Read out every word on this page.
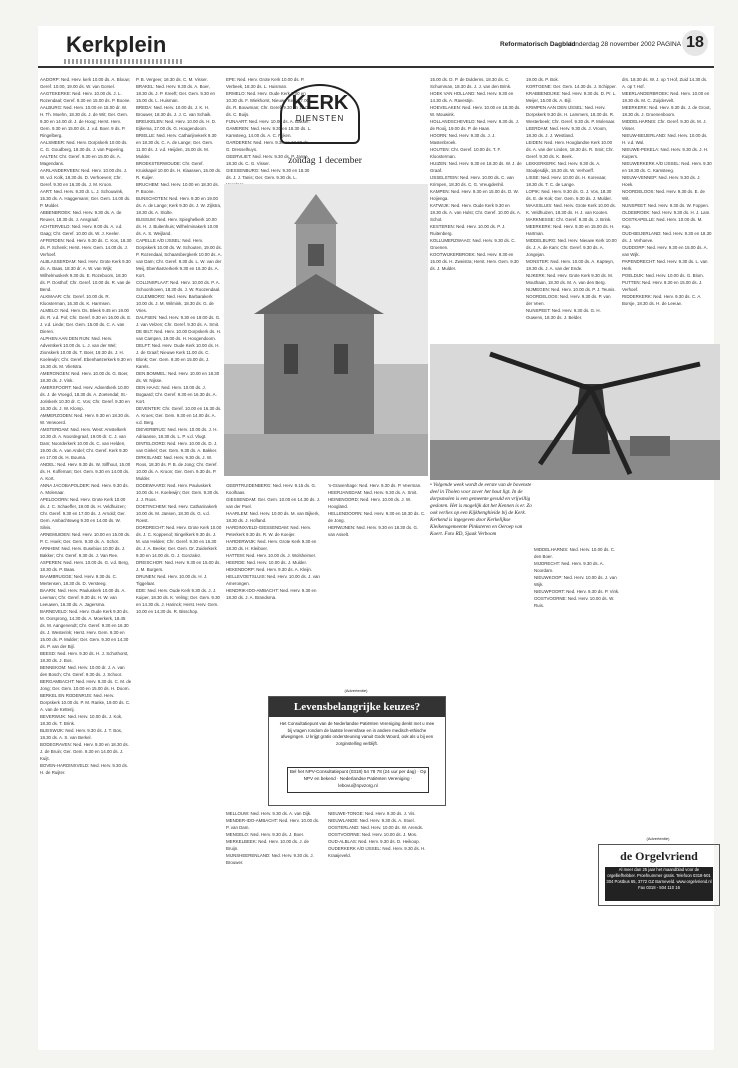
Kerkplein	Reformatorisch Dagblad
donderdag 28 november 2002 PAGINA 18
AADORP: Ned. Herv. kerk 10.00 ds. A. Blouw; Geref. 10.00, 19.00 ds. W. van Gorsel.
AAGTEKERKE: Ned. Herv. 10.00 ds. J. L. Rozendaal; Geref. 9.30 en 15.00 ds. P. Boone.
AALBURG: Ned. Herv. 10.00 en 15.00 dr. W. H. Th. Moehn, 18.30 ds. J. de Wit; Ger. Gem. 9.30 en 14.00 dr. J. de Hoog; Herst. Herv. Gem. 9.30 en 15.00 ds. J. v.d. Boer. 9 ds. P. Ringelberg.
AALSMEER: Ned. Herv. Dorpskerk 10.00 ds. C. G. Goudberg, 18.30 ds. J. van Popering.
AALTEN: Chr. Geref. 9.30 en 15.00 ds. A. Magendans.
AARLANDERVEEN: Ned. Herv. 10.00 drs. J. W. v.d. Kolk, 18.30 ds. D. Verhoeven; Chr. Geref. 9.30 en 16.30 ds. J. M. Kroon.
AART: Ned. Herv. 9.30 dr. L. J. Schouwink, 15.30 ds. A. Haggemann; Ger. Gem. 14.00 ds. P. Mulder.
ABBENBROEK: Ned. Herv. 9.30 ds. A. de Reuver, 18.30 ds. J. Ansgraaf.
ACHTERVELD: Ned. Herv. 9.00 ds. A. v.d. Gaag; Chr. Geref. 10.00 ds. W. J. Keeler.
AFFERDEN: Ned. Herv. 9.30 ds. C. Kos, 18.30 ds. P. Schenk; Herst. Herv. Gem. 14.00 ds. J. Verhoef.
ALBLASSERDAM: Ned. Herv. Grote Kerk 9.30 ds. A. Baas, 18.30 dr. A. W. van Wijk; Wilhelmuskerk 9.30 ds. E. Rozeboom, 18.30 ds. P. Oosthof; Chr. Geref. 10.00 ds. R. van de Bend.
ALKMAAR: Chr. Geref. 10.00 ds. R. Kloosterman, 16.30 ds. K. Harmsen.
ALMELO: Ned. Herv. Ds. Bleek 9.45 en 19.00 ds. R. v.d. Pol; Chr. Geref. 9.30 en 16.00 ds. E. J. v.d. Linde; Ger. Gem. 15.00 ds. C. A. van Dieren.
ALPHEN AAN DEN RIJN: Ned. Herv. Adventkerk 10.00 ds. L. J. van der Wel; Zionskerk 10.00 ds. T. Boer, 18.30 ds. J. H. Koelewijn; Chr. Geref. Ebenhaëzerkerk 9.30 en 16.30 ds. M. Vlietstra.
AMERONGEN: Ned. Herv. 10.00 ds. G. Boer, 18.30 ds. J. Vink.
AMERSFOORT: Ned. Herv. Adventkerk 10.00 ds. J. de Vroegd, 18.30 ds. A. Zoetendal; St.-Joriskerk 10.30 dr. C. Vos; Chr. Geref. 9.30 en 16.30 ds. J. W. Klomp.
AMMERZODEN: Ned. Herv. 9.30 en 18.30 ds. W. Verwoerd.
AMSTERDAM: Ned. Herv. West: Amstelkerk 10.30 dr. A. Noordegraaf, 19.00 dr. C. J. van Dam; Noorderkerk 10.00 ds. C. van Helden, 19.00 ds. A. van Andel; Chr. Geref. Kerk 9.30 en 17.00 ds. H. Bouma.
ANDEL: Ned. Herv. 9.30 ds. W. Silfhout, 15.00 ds. H. Koffeman; Ger. Gem. 9.30 en 14.00 ds. A. Kort.
ANNA JACOBAPOLDER: Ned. Herv. 9.30 ds. A. Molenaar.
APELDOORN: Ned. Herv. Grote Kerk 10.00 ds. J. C. Schaeffer, 19.00 ds. H. Veldhuizen; Chr. Geref. 9.30 en 17.00 ds. J. Arnold; Ger. Gem. Ambachtsweg 9.30 en 14.00 ds. W. Silvis.
ARNEMUIDEN: Ned. Herv. 10.00 en 15.00 ds. P. C. Hoek; Ger. Gem. 9.30 ds. A. Schot.
ARNHEM: Ned. Herv. Eusebius 10.00 ds. J. Bakker; Chr. Geref. 9.30 ds. J. Van Ree.
ASPEREN: Ned. Herv. 10.00 ds. G. v.d. Berg, 18.30 ds. P. Baas.
BAAMBRUGGE: Ned. Herv. 9.30 ds. C. Mertensen, 18.30 ds. D. Versteeg.
BAARN: Ned. Herv. Pauluskerk 10.00 ds. A. Leeman; Chr. Geref. 9.30 ds. H. W. van Leeuwen, 16.30 ds. A. Jagersma.
BARNEVELD: Ned. Herv. Oude Kerk 9.30 ds. M. Oorsprong, 14.30 ds. A. Moerkerk, 18.45 ds. M. Aangenendt; Chr. Geref. 9.30 en 16.30 ds. J. Westerink; Herst. Herv. Gem. 9.30 en 15.00 ds. P. Mulder; Ger. Gem. 9.30 en 14.30 ds. P. van der Bijl.
BEESD: Ned. Herv. 9.30 ds. H. J. Schothorst, 18.30 ds. J. Bos.
BENNEKOM: Ned. Herv. 10.00 dr. J. A. van den Bosch; Chr. Geref. 9.30 ds. J. Schoor.
BERGAMBACHT: Ned. Herv. 9.30 ds. C. M. de Jong; Ger. Gem. 10.00 en 15.00 ds. H. Doorn.
BERKEL EN RODENRIJS: Ned. Herv. Dorpskerk 10.00 ds. P. M. Ranke, 19.00 ds. C. A. van de Ketterij.
BEVERWIJK: Ned. Herv. 10.00 ds. J. Kok, 18.30 ds. T. Brink.
BLEISWIJK: Ned. Herv. 9.30 ds. J. T. Bos, 18.30 ds. A. S. van Berkel.
BODEGRAVEN: Ned. Herv. 9.30 en 18.30 ds. J. de Bruin; Ger. Gem. 9.30 en 14.00 ds. J. Kuijt.
BOVEN-HARDINXVELD: Ned. Herv. 9.30 ds. H. de Ruijter.
P. B. Vergeer, 18.30 ds. C. M. Visser.
BRAKEL: Ned. Herv. 9.30 ds. A. Boer, 18.30 ds. J. P. Kreeft; Ger. Gem. 9.30 en 15.00 ds. L. Huisman.
BREDA: Ned. Herv. 10.00 ds. J. K. H. Brouwer, 18.30 ds. J. J. C. van Schaik.
BREUKELEN: Ned. Herv. 10.00 ds. H. D. Eijkema, 17.00 ds. G. Hoogendoorn.
BRIELLE: Ned. Herv. Catharijnekerk 9.30 en 18.30 ds. C. A. de Lange; Ger. Gem. 11.00 ds. J. v.d. Heijden, 15.00 ds. M. Mulder.
BROEKSTERWOUDE: Chr. Geref. Kruiskapel 10.00 ds. H. Klaassen, 15.00 ds. R. Kuijer.
BRUCHEM: Ned. Herv. 10.00 en 18.30 ds. P. Boone.
BUNSCHOTEN: Ned. Herv. 9.30 en 19.00 ds. A. de Lange; Kerk 9.30 ds. J. W. Zijlstra, 18.30 ds. A. Stolte.
BUSSUM: Ned. Herv. Spieghelkerk 10.00 ds. H. J. Buitenhuis; Wilhelminakerk 10.00 ds. A. S. Weijland.
CAPELLE A/D IJSSEL: Ned. Herv. Dorpskerk 10.00 ds. W. Schouten, 19.00 ds. P. Rozendaal, Schaarsbergkerk 10.00 ds. A. van Dam; Chr. Geref. 9.30 ds. L. W. van der Meij, Ebenhaëzerkerk 9.30 en 16.30 ds. A. Kort.
COLIJNSPLAAT: Ned. Herv. 10.00 ds. P. A. Schoonhoven, 18.30 ds. J. W. Roozendaal.
CULEMBORG: Ned. Herv. Barbarakerk 10.00 ds. J. M. Wilmink, 18.30 ds. G. de Vries.
DALFSEN: Ned. Herv. 9.30 en 19.00 ds. G. J. van Velzen; Chr. Geref. 9.30 ds. A. Smit.
DE BILT: Ned. Herv. 10.00 Dorpskerk ds. H. van Campen, 19.00 ds. H. Hoogendoorn.
DELFT: Ned. Herv. Oude Kerk 10.00 ds. H. J. de Graaf; Nieuwe Kerk 11.00 ds. C. Blonk; Ger. Gem. 9.30 en 15.00 ds. J. Karels.
DEN BOMMEL: Ned. Herv. 10.00 en 18.30 ds. W. Nijsse.
DEN HAAG: Ned. Herv. 10.00 ds. J. Bogaard; Chr. Geref. 9.30 en 16.30 ds. A. Kort.
DEVENTER: Chr. Geref. 10.00 en 16.30 ds. A. Kroes; Ger. Gem. 9.30 en 14.00 ds. A. v.d. Berg.
DIEVERBRUG: Ned. Herv. 10.00 ds. J. H. Adriaanse, 18.30 ds. L. P. v.d. Vlugt.
DINTELOORD: Ned. Herv. 10.00 ds. D. J. van Ginkel; Ger. Gem. 9.30 ds. A. Bakker.
DIRKSLAND: Ned. Herv. 9.30 ds. J. W. Roos, 18.30 ds. P. B. de Jong; Chr. Geref. 10.00 ds. A. Kroon; Ger. Gem. 9.30 ds. P. Mulder.
DODEWAARD: Ned. Herv. Pauluskerk 10.00 ds. H. Koelewijn; Ger. Gem. 9.30 ds. J. J. Roos.
DOETINCHEM: Ned. Herv. Catharinakerk 10.00 ds. M. Jansen, 18.30 ds. G. v.d. Roest.
DORDRECHT: Ned. Herv. Grote Kerk 10.00 ds. J. C. Koppenol; Singelkerk 9.30 ds. J. M. van Helden; Chr. Geref. 9.30 en 16.30 ds. J. A. Beeke; Ger. Gem. Dr. Zuiderkerk 9.30 en 14.00 ds. G. J. Gonzalez.
DREISCHOR: Ned. Herv. 9.30 en 15.00 ds. J. M. Burgers.
DRUNEN: Ned. Herv. 10.00 ds. H. J. Tiggelaar.
EDE: Ned. Herv. Oude Kerk 9.30 ds. J. J. Kuiper, 18.30 ds. K. Veling; Ger. Gem. 9.30 en 14.30 ds. J. Harinck; Herst. Herv. Gem. 10.00 en 14.30 ds. R. Bisschop.
EPE: Ned. Herv. Grote Kerk 10.00 ds. P. Verbeek, 18.30 ds. L. Huisman.
ERMELO: Ned. Herv. Oude Kerk 9.00 en 10.30 ds. F. Wiekhorst, Nieuwe Kerk 17.00 ds. R. Bouwman; Chr. Geref. 9.30 en 15.00 ds. C. Buijs.
FIJNAART: Ned. Herv. 10.00 ds. A. Bakker.
GAMEREN: Ned. Herv. 9.30 en 18.30 ds. L. Kamsteeg, 14.00 ds. A. C. Rijken.
GARDEREN: Ned. Herv. 9.30 en 18.30 ds. G. Dresselhuys.
GEERVLIET: Ned. Herv. 9.30 ds. P. Janse, 18.30 ds. C. G. Visser.
GIESSENBURG: Ned. Herv. 9.30 en 18.30 ds. J. J. Tanis; Ger. Gem. 9.30 ds. L.
15.00 ds. D. P. de Dulderns, 18.30 ds. C. Schumman, 18.30 ds. J. J. van den Brink.
HOEK VAN HOLLAND: Ned. Herv. 9.30 en 14.30 ds. A. Ravestijn.
HOEVELAKEN: Ned. Herv. 10.00 en 18.30 ds. W. Mouwink.
HOLLANDSCHEVELD: Ned. Herv. 9.30 ds. J. de Rooij, 19.00 ds. P. de Haan.
HOORN: Ned. Herv. 9.30 ds. J. J. Mastenbroek.
HOUTEN: Chr. Geref. 10.00 ds. T. F. Kloosterman.
HUIZEN: Ned. Herv. 9.30 en 18.30 ds. W. J. de Graaf.
IJSSELSTEIN: Ned. Herv. 10.00 ds. C. van Krimpen, 18.30 ds. C. G. Vreugdenhil.
KAMPEN: Ned. Herv. 9.30 en 15.00 ds. D. W. Hoijenga.
KATWIJK: Ned. Herv. Oude Kerk 9.30 en 18.30 ds. A. van Hulst; Chr. Geref. 10.00 ds. A. Schot.
KESTEREN: Ned. Herv. 10.00 ds. P. J. Ruitenberg.
KOLLUMERZWAAG: Ned. Herv. 9.30 ds. C. Groenen.
KOOTWIJKERBROEK: Ned. Herv. 9.30 en 15.00 ds. H. Zweistra; Herst. Herv. Gem. 9.30 ds. J. Mulder.
19.00 ds. P. Bok.
KORTGENE: Ger. Gem. 14.30 ds. J. Schipper.
KRABBENDIJKE: Ned. Herv. 9.30 ds. D. Pr. L. Meijer, 15.00 ds. A. Bijl.
KRIMPEN AAN DEN IJSSEL: Ned. Herv. Dorpskerk 9.30 ds. H. Lammers, 18.30 ds. R. Westerbeek; Chr. Geref. 9.30 ds. P. Molenaar.
LEERDAM: Ned. Herv. 9.30 ds. J. Vroom, 18.30 ds. J. J. Westland.
LEIDEN: Ned. Herv. Hooglandse Kerk 10.00 ds. A. van der Linden, 18.30 ds. R. Smit; Chr. Geref. 9.30 ds. K. Beek.
LEKKERKERK: Ned. Herv. 9.30 ds. A. Stoutjesdijk, 18.30 ds. W. Verhoeff.
LISSE: Ned. Herv. 10.00 ds. H. Korevaar, 18.30 ds. T. C. de Lange.
LOPIK: Ned. Herv. 9.30 ds. G. J. Vos, 18.30 ds. E. de Kok; Ger. Gem. 9.30 ds. J. Mulder.
MAASSLUIS: Ned. Herv. Grote Kerk 10.00 ds. K. Veldhuizen, 18.30 ds. H. J. van Kooten.
MARKNESSE: Chr. Geref. 9.30 ds. J. Brink.
MEERKERK: Ned. Herv. 9.30 en 15.00 ds. H. Hartman.
MIDDELBURG: Ned. Herv. Nieuwe Kerk 10.00 ds. J. A. de Kam; Chr. Geref. 9.30 ds. A. Jongejan.
MONSTER: Ned. Herv. 10.00 ds. A. Kapteyn, 18.30 ds. J. A. van der Ende.
NIJKERK: Ned. Herv. Grote Kerk 9.30 ds. M. Mouthaan, 18.30 ds. M. A. van den Berg.
NIJMEGEN: Ned. Herv. 10.00 ds. P. J. Teunis.
NOORDELOOS: Ned. Herv. 9.30 ds. P. van der Veen.
NUNSPEET: Ned. Herv. 9.30 ds. G. H. Ouwens, 18.30 ds. J. Belder.
drs. 18.30 ds. W. J. op 't Hof, Zuid 14.30 ds. A. op 't Hof.
MEERLANDERBROEK: Ned. Herv. 10.00 en 18.30 ds. M. C. Zuijdervelt.
MEERKERK: Ned. Herv. 9.30 ds. J. de Groot, 18.30 ds. J. Groenenboom.
MIDDELHARNIS: Chr. Geref. 9.30 ds. M. J. Visser.
NIEUW-BEIJERLAND: Ned. Herv. 10.00 ds. H. v.d. Wal.
NIEUWE-PEKELA: Ned. Herv. 9.30 ds. J. H. Kuipers.
NIEUWERKERK A/D IJSSEL: Ned. Herv. 9.30 en 18.30 ds. C. Kamsteeg.
NIEUW-VENNEP: Ned. Herv. 9.30 ds. J. Hoek.
NOORDELOOS: Ned. Herv. 9.30 ds. E. de Wit.
NUNSPEET: Ned. Herv. 9.30 ds. W. Foppen.
OLDEBROEK: Ned. Herv. 9.30 ds. H. J. Lam.
OOSTKAPELLE: Ned. Herv. 10.00 ds. M. Kap.
OUD-BEIJERLAND: Ned. Herv. 9.30 en 18.30 ds. J. Verhoeve.
OUDDORP: Ned. Herv. 9.30 en 15.00 ds. A. van Wijk.
PAPENDRECHT: Ned. Herv. 9.30 ds. L. van Herk.
POELDIJK: Ned. Herv. 10.00 ds. G. Blom.
PUTTEN: Ned. Herv. 9.30 en 15.00 ds. J. Verhoef.
RIDDERKERK: Ned. Herv. 9.30 ds. C. A. Borsje, 18.30 ds. H. de Leeuw.
GEERTRUIDENBERG: Ned. Herv. 9.15 ds. G. Koolhaas.
GIESSENDAM: Ger. Gem. 10.00 en 14.30 ds. J. van der Poel.
HAARLEM: Ned. Herv. 10.00 ds. M. van Bijkerk, 18.30 ds. J. Hofland.
HARDINXVELD-GIESSENDAM: Ned. Herv. Peterkerk 9.30 ds. R. W. de Koeijer.
HARDERWIJK: Ned. Herv. Grote Kerk 9.30 en 18.30 ds. H. Kleiboer.
HATTEM: Ned. Herv. 10.00 ds. J. Wolsheimer.
HEERDE: Ned. Herv. 10.00 ds. J. Mulder.
HEKENDORP: Ned. Herv. 9.30 ds. A. Kleijn.
HELLEVOETSLUIS: Ned. Herv. 10.00 ds. J. van Amerongen.
HENDRIK-IDO-AMBACHT: Ned. Herv. 9.30 en 18.30 ds. J. A. Brandsma.
's-Gravenhage: Ned. Herv. 9.30 ds. P. Veerman.
HEERJANSDAM: Ned. Herv. 9.30 ds. A. Smit.
HEINENOORD: Ned. Herv. 10.00 ds. J. W. Hoogland.
HELLENDOORN: Ned. Herv. 9.30 en 18.30 ds. C. de Jong.
HERWIJNEN: Ned. Herv. 9.30 en 18.30 ds. G. van Asselt.
MELLOUW: Ned. Herv. 9.30 ds. A. van Dijk.
MENDER-IDO-AMBACHT: Ned. Herv. 10.00 ds. P. van Dam.
MENGELO: Ned. Herv. 9.30 ds. J. Boer.
MERKELBEEK: Ned. Herv. 10.00 ds. J. de Bruijn.
MIJNSHEERENLAND: Ned. Herv. 9.30 ds. J. Brouwer.
NIEUWE-TONGE: Ned. Herv. 9.30 ds. J. Vis.
NIEUWLANDE: Ned. Herv. 9.30 ds. A. Stoel.
OOSTERLAND: Ned. Herv. 10.00 ds. W. Arends.
OOSTVOORNE: Ned. Herv. 10.00 ds. J. Mos.
OUD-ALBLAS: Ned. Herv. 9.30 ds. D. Heikoop.
OUDERKERK A/D IJSSEL: Ned. Herv. 9.30 ds. H. Kraaijeveld.
MIDDELHARNIS: Ned. Herv. 10.00 ds. C. den Boer.
MIJDRECHT: Ned. Herv. 9.30 ds. A. Noordam.
NIEUWKOOP: Ned. Herv. 10.00 ds. J. van Wijk.
NIEUWPOORT: Ned. Herv. 9.30 ds. P. Vink.
OOSTVOORNE: Ned. Herv. 10.00 ds. W. Ruis.
KERK
DIENSTEN
zondag 1 december
• Volgende week wordt de eerste van de bovenste deel in Tholen voor zover het hout ligt. In de dorpsmolen is een gemeente gevuld en vrijwillig gesloten. Het is mogelijk dat het Kennen is er. Zo ook verlies op een Kijkhenghieide bij de Kerk. Kerkend is ingegeven door Kerkelijkse Kleikensgemeente Pinksteren en Oeroep van Koert. Foto RD, Sjaak Verboom
(Advertentie)
Levensbelangrijke keuzes?
Het Consultatiepunt van de Nederlandse Patiënten Vereniging denkt met u mee bij vragen rondom de laatste levensfase en in andere medisch-ethische afwegingen. U krijgt gratis ondersteuning vanuit Gods Woord, ook als u bij een zorginstelling verblijft.
Bel het NPV-Consultatiepunt (0318) 54 78 78 (24 uur per dag) · Op NPV en bekend · Nederlandse Patiënten Vereniging · lebovu@npvzorg.nl
(Advertentie)
de Orgelvriend
Al meer dan 25 jaar het maandblad voor de orgelliefhebber. Proefnummer gratis. Telefoon 0318-501 304 Postbus 65, 3772 GZ Barneveld. www.orgelvriend.nl Fax 0318 - 504 110 16
